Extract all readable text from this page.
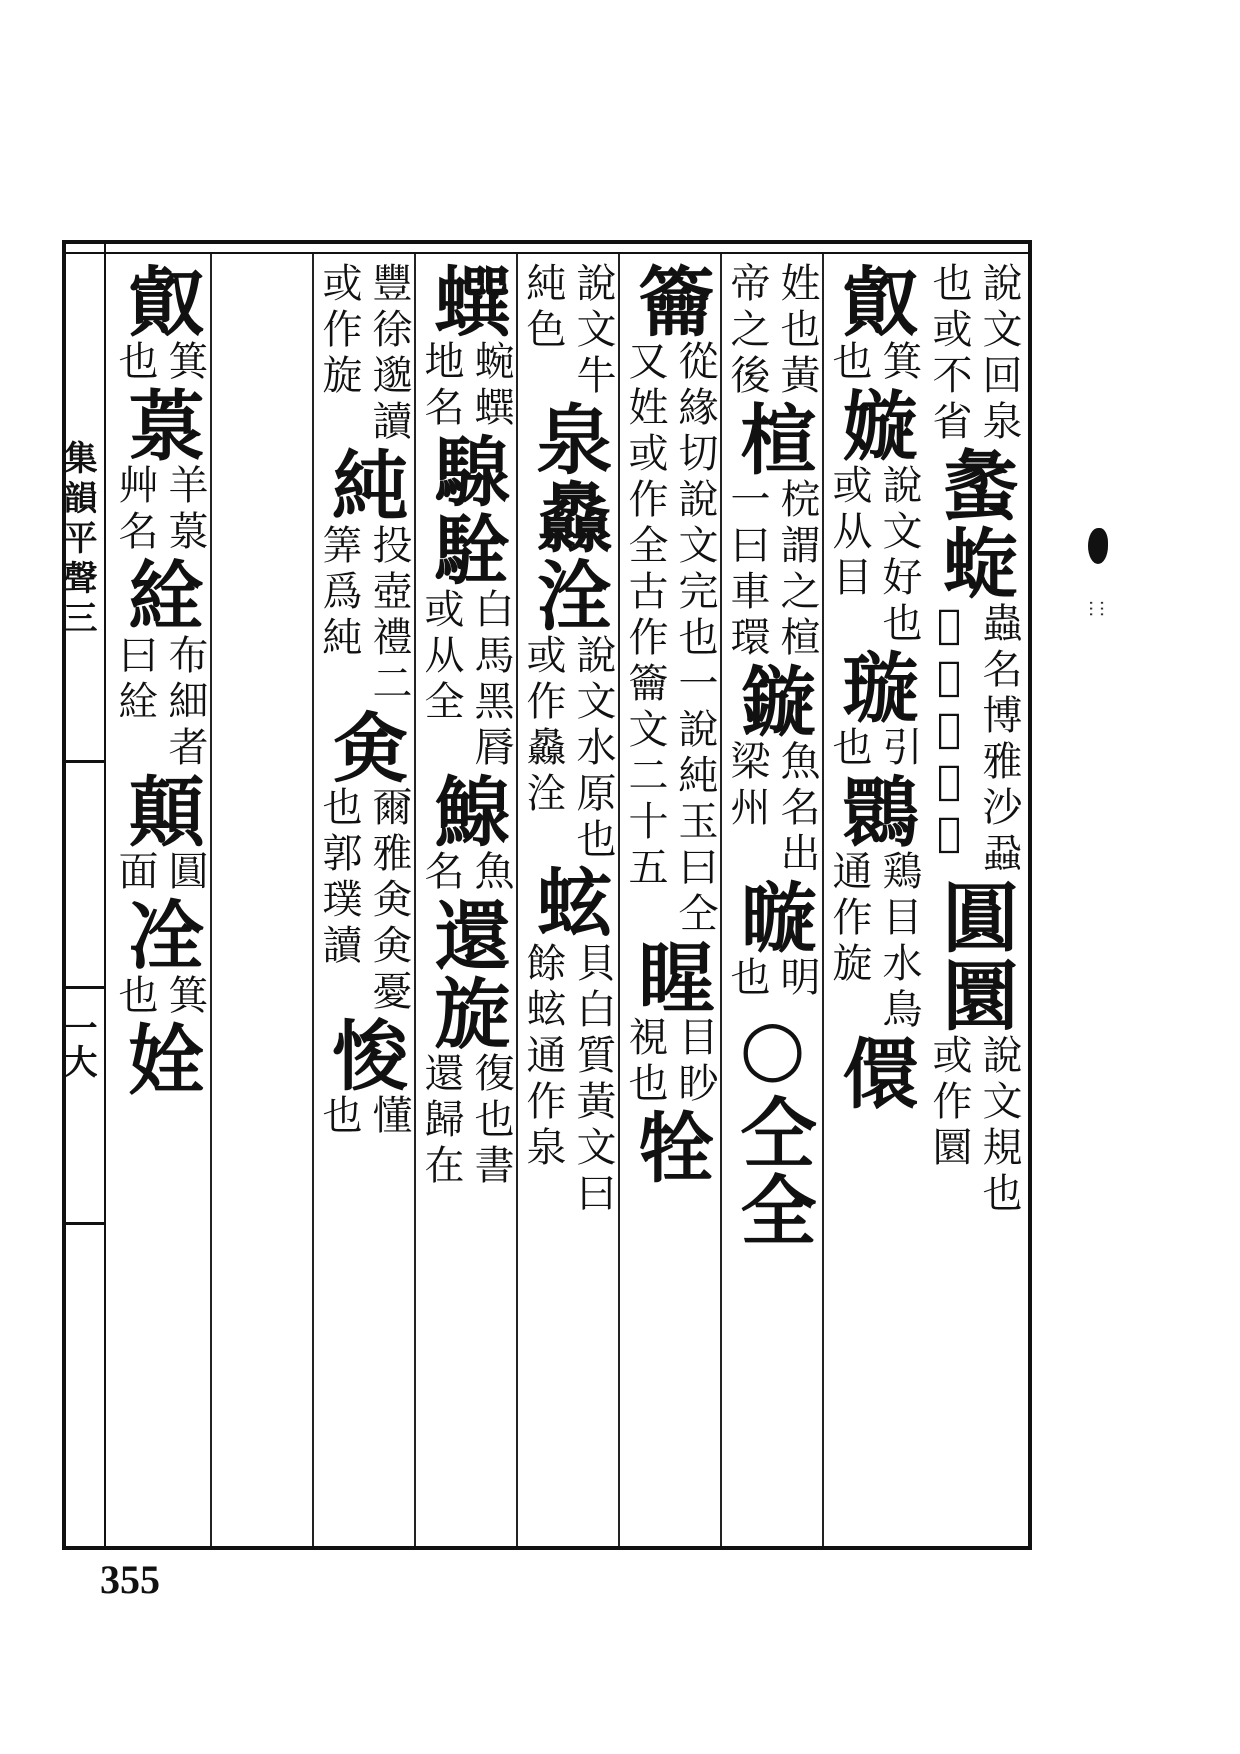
集韻平聲三
一大
說文回泉
也或不省
䗍蜁
蟲名博雅沙蝨
𧓍蠶也或省
圓圜
說文規也
或作圜
㕢
箕
也
嫙
說文好也
或从目
璇
引
也
䴉
鶏目水鳥
通作旋
儇
姓也黃
帝之後
楦
梡謂之楦
一曰車環
鏇
魚名出
梁州
暶
明
也
○仝全
籥
從緣切說文完也一說純玉曰仝
又姓或作全古作籥文二十五
睲
目眇
視也
牷
說文牛
純色
泉灥洤
說文水原也
或作灥洤
蚿
貝白質黃文曰
餘蚿通作泉
蟤
蜿蟤
地名
騡駩
白馬黑脣
或从全
鰁
魚
名
還旋
復也書
還歸在
豐徐邈讀
或作旋
純
投壺禮二
筭爲純
㑒
爾雅㑒㑒憂
也郭璞讀
悛
懂
也
㕢
箕
也
葲
羊葲
艸名
絟
布細者
曰絟
顛
圓
面
㓌
箕
也
姾
355
⁚⁚⁚
